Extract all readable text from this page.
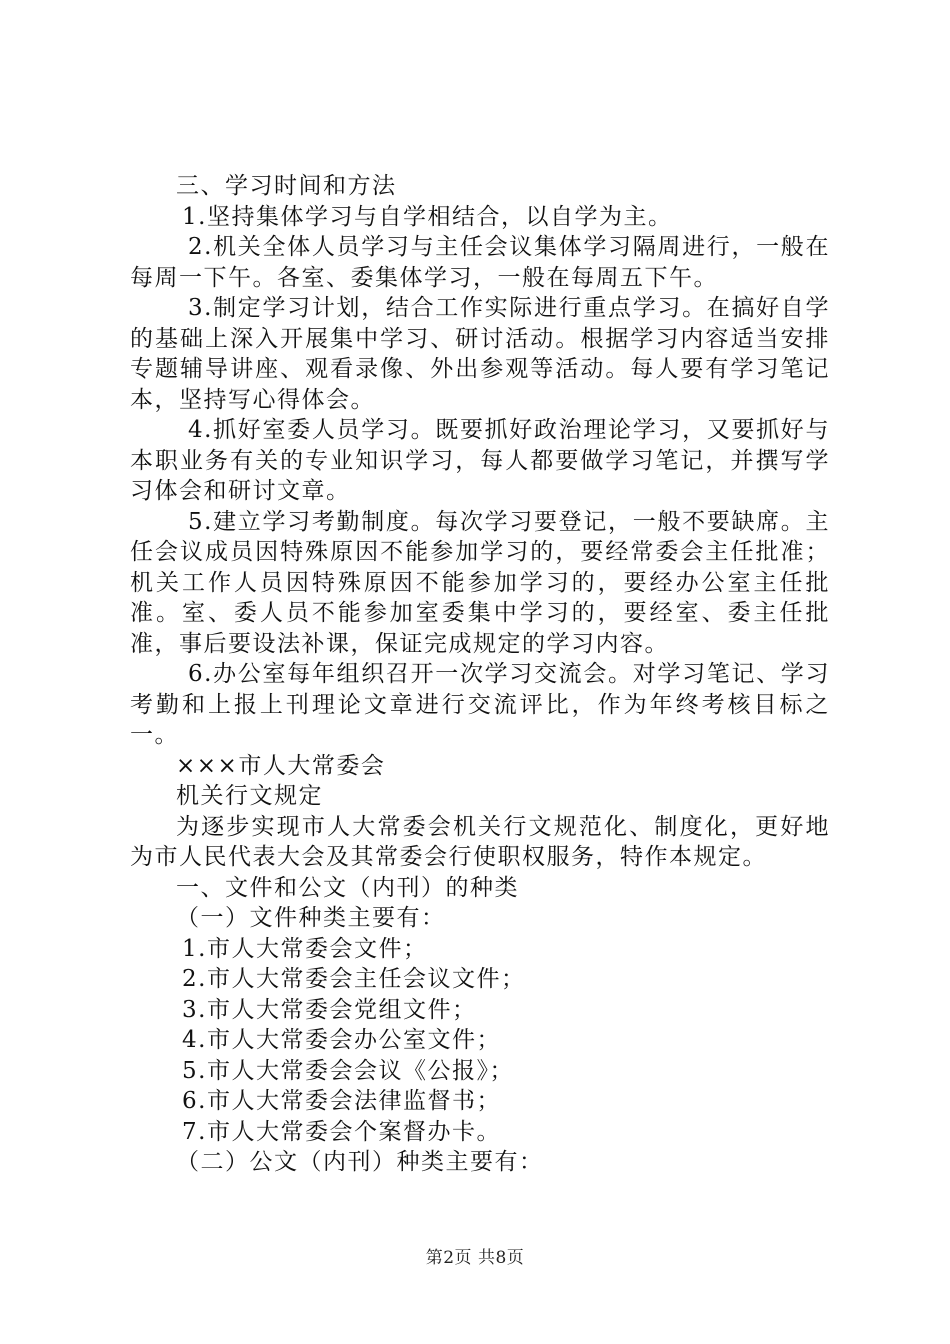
三、学习时间和方法

1.坚持集体学习与自学相结合，以自学为主。

2.机关全体人员学习与主任会议集体学习隔周进行，一般在每周一下午。各室、委集体学习，一般在每周五下午。

3.制定学习计划，结合工作实际进行重点学习。在搞好自学的基础上深入开展集中学习、研讨活动。根据学习内容适当安排专题辅导讲座、观看录像、外出参观等活动。每人要有学习笔记本，坚持写心得体会。

4.抓好室委人员学习。既要抓好政治理论学习，又要抓好与本职业务有关的专业知识学习，每人都要做学习笔记，并撰写学习体会和研讨文章。

5.建立学习考勤制度。每次学习要登记，一般不要缺席。主任会议成员因特殊原因不能参加学习的，要经常委会主任批准；机关工作人员因特殊原因不能参加学习的，要经办公室主任批准。室、委人员不能参加室委集中学习的，要经室、委主任批准，事后要设法补课，保证完成规定的学习内容。

6.办公室每年组织召开一次学习交流会。对学习笔记、学习考勤和上报上刊理论文章进行交流评比，作为年终考核目标之一。

×××市人大常委会

机关行文规定

为逐步实现市人大常委会机关行文规范化、制度化，更好地为市人民代表大会及其常委会行使职权服务，特作本规定。

一、文件和公文（内刊）的种类

（一）文件种类主要有：

1.市人大常委会文件；

2.市人大常委会主任会议文件；

3.市人大常委会党组文件；

4.市人大常委会办公室文件；

5.市人大常委会会议《公报》；

6.市人大常委会法律监督书；

7.市人大常委会个案督办卡。

（二）公文（内刊）种类主要有：

第2页 共8页
